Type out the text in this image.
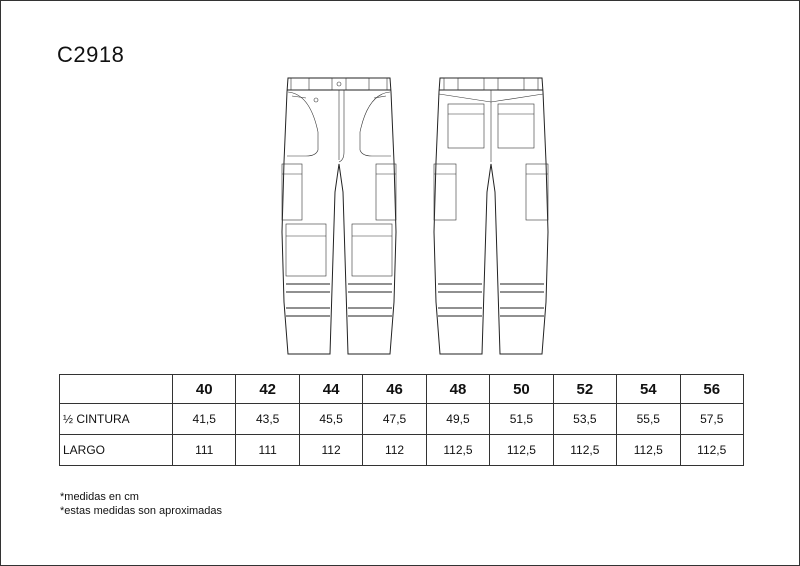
C2918
	40	42	44	46	48	50	52	54	56
½ CINTURA	41,5	43,5	45,5	47,5	49,5	51,5	53,5	55,5	57,5
LARGO	111	111	112	112	112,5	112,5	112,5	112,5	112,5
*medidas en cm
*estas medidas son aproximadas
